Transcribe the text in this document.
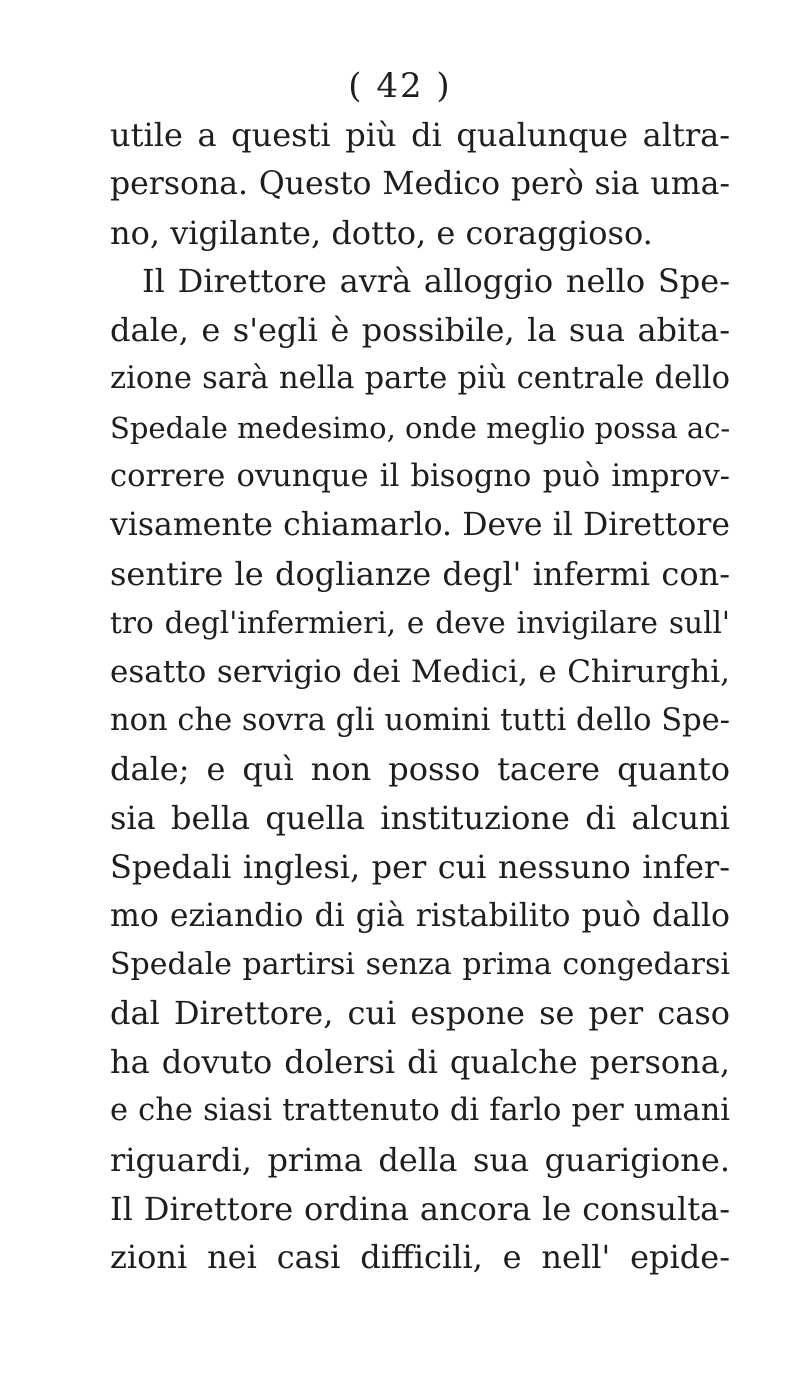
( 42 )
utile a questi più di qualunque altra-
persona. Questo Medico però sia uma-
no, vigilante, dotto, e coraggioso.
Il Direttore avrà alloggio nello Spe-
dale, e s'egli è possibile, la sua abita-
zione sarà nella parte più centrale dello
Spedale medesimo, onde meglio possa ac-
correre ovunque il bisogno può improv-
visamente chiamarlo. Deve il Direttore
sentire le doglianze degl' infermi con-
tro degl'infermieri, e deve invigilare sull'
esatto servigio dei Medici, e Chirurghi,
non che sovra gli uomini tutti dello Spe-
dale; e quì non posso tacere quanto
sia bella quella instituzione di alcuni
Spedali inglesi, per cui nessuno infer-
mo eziandio di già ristabilito può dallo
Spedale partirsi senza prima congedarsi
dal Direttore, cui espone se per caso
ha dovuto dolersi di qualche persona,
e che siasi trattenuto di farlo per umani
riguardi, prima della sua guarigione.
Il Direttore ordina ancora le consulta-
zioni nei casi difficili, e nell' epide-
